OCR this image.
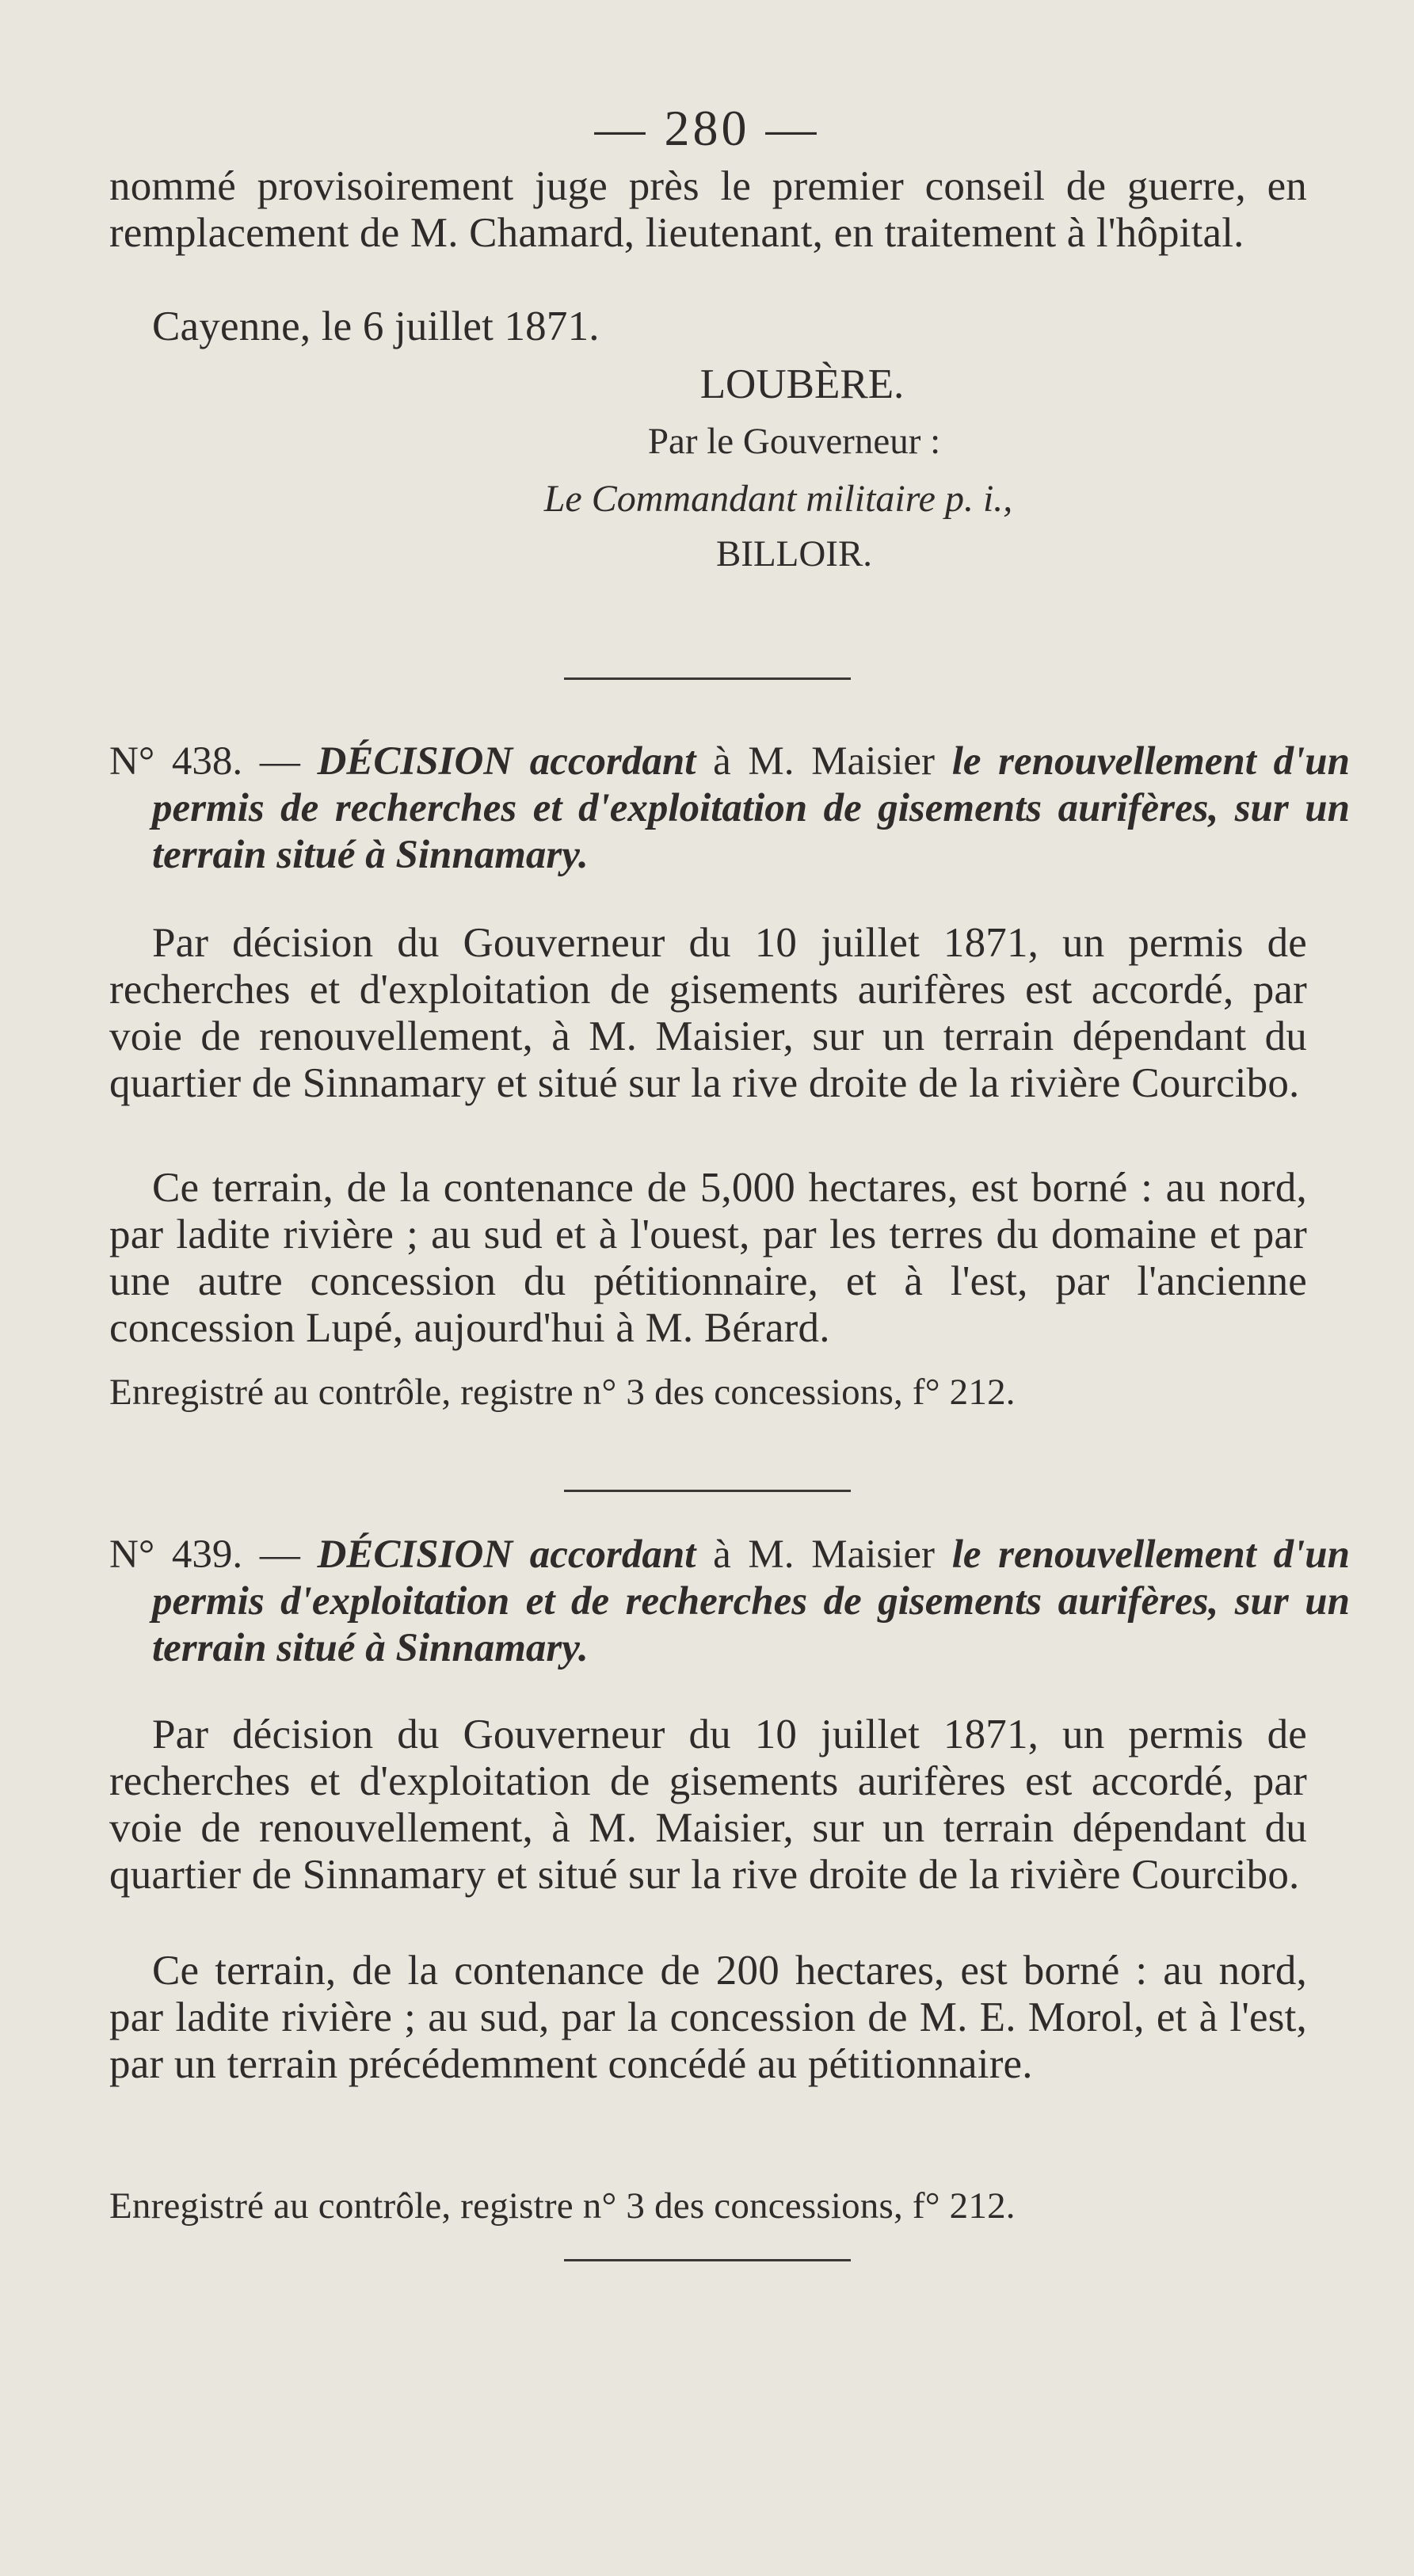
— 280 —
nommé provisoirement juge près le premier conseil de guerre, en remplacement de M. Chamard, lieutenant, en traitement à l'hôpital.
Cayenne, le 6 juillet 1871.
LOUBÈRE.
Par le Gouverneur :
Le Commandant militaire p. i.,
BILLOIR.
N° 438. — DÉCISION accordant à M. Maisier le renouvellement d'un permis de recherches et d'exploitation de gisements aurifères, sur un terrain situé à Sinnamary.
Par décision du Gouverneur du 10 juillet 1871, un permis de recherches et d'exploitation de gisements aurifères est accordé, par voie de renouvellement, à M. Maisier, sur un terrain dépendant du quartier de Sinnamary et situé sur la rive droite de la rivière Courcibo.
Ce terrain, de la contenance de 5,000 hectares, est borné : au nord, par ladite rivière ; au sud et à l'ouest, par les terres du domaine et par une autre concession du pétitionnaire, et à l'est, par l'ancienne concession Lupé, aujourd'hui à M. Bérard.
Enregistré au contrôle, registre n° 3 des concessions, f° 212.
N° 439. — DÉCISION accordant à M. Maisier le renouvellement d'un permis d'exploitation et de recherches de gisements aurifères, sur un terrain situé à Sinnamary.
Par décision du Gouverneur du 10 juillet 1871, un permis de recherches et d'exploitation de gisements aurifères est accordé, par voie de renouvellement, à M. Maisier, sur un terrain dépendant du quartier de Sinnamary et situé sur la rive droite de la rivière Courcibo.
Ce terrain, de la contenance de 200 hectares, est borné : au nord, par ladite rivière ; au sud, par la concession de M. E. Morol, et à l'est, par un terrain précédemment concédé au pétitionnaire.
Enregistré au contrôle, registre n° 3 des concessions, f° 212.
